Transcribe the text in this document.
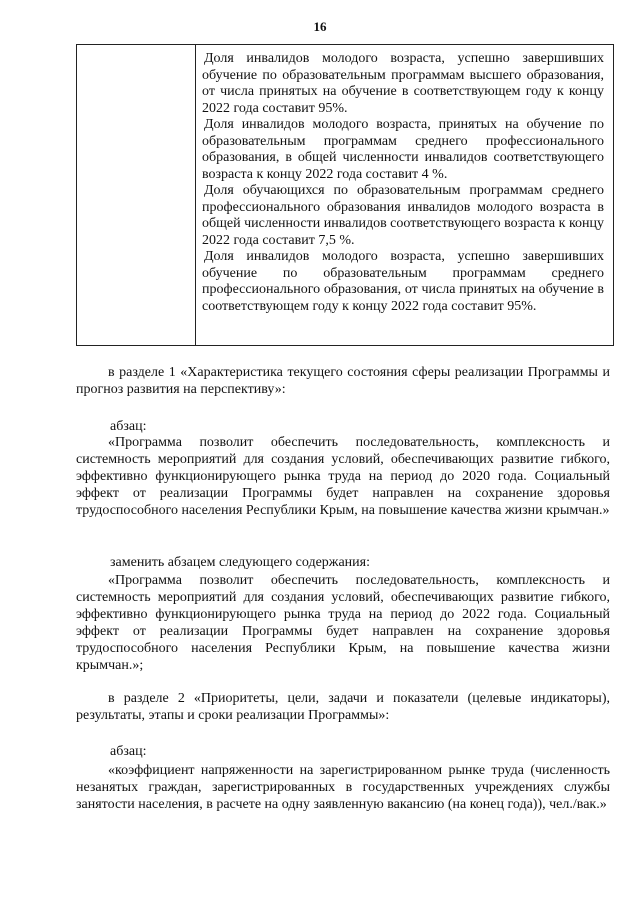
16

Доля инвалидов молодого возраста, успешно завершивших обучение по образовательным программам высшего образования, от числа принятых на обучение в соответствующем году к концу 2022 года составит 95%.

Доля инвалидов молодого возраста, принятых на обучение по образовательным программам среднего профессионального образования, в общей численности инвалидов соответствующего возраста к концу 2022 года составит 4 %.

Доля обучающихся по образовательным программам среднего профессионального образования инвалидов молодого возраста в общей численности инвалидов соответствующего возраста к концу 2022 года составит 7,5 %.

Доля инвалидов молодого возраста, успешно завершивших обучение по образовательным программам среднего профессионального образования, от числа принятых на обучение в соответствующем году к концу 2022 года составит 95%.

в разделе 1 «Характеристика текущего состояния сферы реализации Программы и прогноз развития на перспективу»:

абзац:

«Программа позволит обеспечить последовательность, комплексность и системность мероприятий для создания условий, обеспечивающих развитие гибкого, эффективно функционирующего рынка труда на период до 2020 года. Социальный эффект от реализации Программы будет направлен на сохранение здоровья трудоспособного населения Республики Крым, на повышение качества жизни крымчан.»

заменить абзацем следующего содержания:

«Программа позволит обеспечить последовательность, комплексность и системность мероприятий для создания условий, обеспечивающих развитие гибкого, эффективно функционирующего рынка труда на период до 2022 года. Социальный эффект от реализации Программы будет направлен на сохранение здоровья трудоспособного населения Республики Крым, на повышение качества жизни крымчан.»;

в разделе 2 «Приоритеты, цели, задачи и показатели (целевые индикаторы), результаты, этапы и сроки реализации Программы»:

абзац:

«коэффициент напряженности на зарегистрированном рынке труда (численность незанятых граждан, зарегистрированных в государственных учреждениях службы занятости населения, в расчете на одну заявленную вакансию (на конец года)), чел./вак.»
